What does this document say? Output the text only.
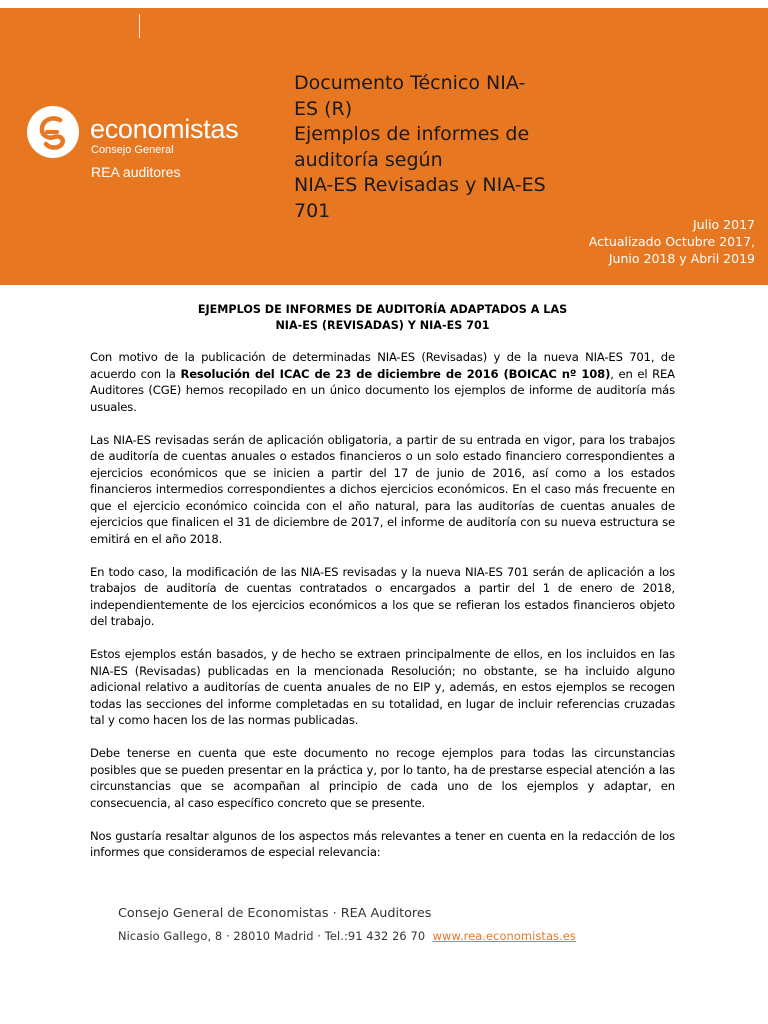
economistas
Consejo General
REA auditores
Documento Técnico NIA-
ES (R)
Ejemplos de informes de
auditoría según
NIA-ES Revisadas y NIA-ES
701
Julio 2017
Actualizado Octubre 2017,
Junio 2018 y Abril 2019
EJEMPLOS DE INFORMES DE AUDITORÍA ADAPTADOS A LAS
NIA-ES (REVISADAS) Y NIA-ES 701

Con motivo de la publicación de determinadas NIA-ES (Revisadas) y de la nueva NIA-ES 701, de acuerdo con la Resolución del ICAC de 23 de diciembre de 2016 (BOICAC nº 108), en el REA Auditores (CGE) hemos recopilado en un único documento los ejemplos de informe de auditoría más usuales.

Las NIA-ES revisadas serán de aplicación obligatoria, a partir de su entrada en vigor, para los trabajos de auditoría de cuentas anuales o estados financieros o un solo estado financiero correspondientes a ejercicios económicos que se inicien a partir del 17 de junio de 2016, así como a los estados financieros intermedios correspondientes a dichos ejercicios económicos. En el caso más frecuente en que el ejercicio económico coincida con el año natural, para las auditorías de cuentas anuales de ejercicios que finalicen el 31 de diciembre de 2017, el informe de auditoría con su nueva estructura se emitirá en el año 2018.

En todo caso, la modificación de las NIA-ES revisadas y la nueva NIA-ES 701 serán de aplicación a los trabajos de auditoría de cuentas contratados o encargados a partir del 1 de enero de 2018, independientemente de los ejercicios económicos a los que se refieran los estados financieros objeto del trabajo.

Estos ejemplos están basados, y de hecho se extraen principalmente de ellos, en los incluidos en las NIA-ES (Revisadas) publicadas en la mencionada Resolución; no obstante, se ha incluido alguno adicional relativo a auditorías de cuenta anuales de no EIP y, además, en estos ejemplos se recogen todas las secciones del informe completadas en su totalidad, en lugar de incluir referencias cruzadas tal y como hacen los de las normas publicadas.

Debe tenerse en cuenta que este documento no recoge ejemplos para todas las circunstancias posibles que se pueden presentar en la práctica y, por lo tanto, ha de prestarse especial atención a las circunstancias que se acompañan al principio de cada uno de los ejemplos y adaptar, en consecuencia, al caso específico concreto que se presente.

Nos gustaría resaltar algunos de los aspectos más relevantes a tener en cuenta en la redacción de los informes que consideramos de especial relevancia:

Consejo General de Economistas · REA Auditores
Nicasio Gallego, 8 · 28010 Madrid · Tel.:91 432 26 70 www.rea.economistas.es
